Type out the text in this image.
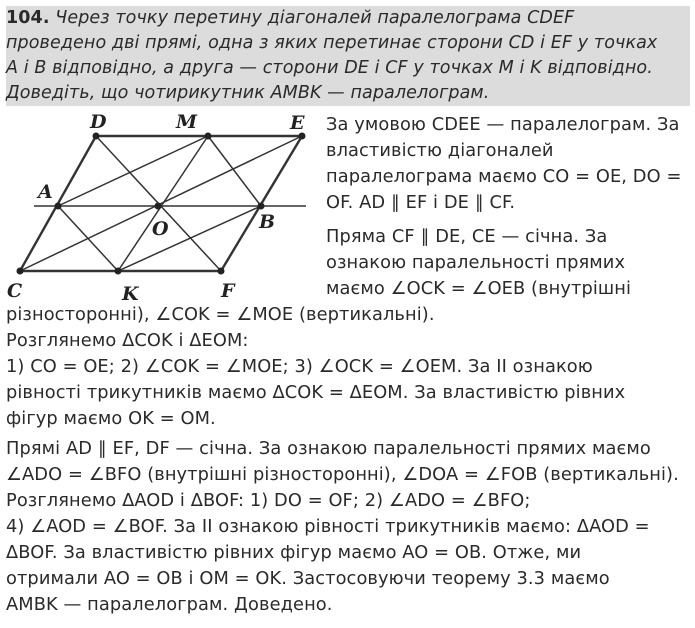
104. Через точку перетину діагоналей паралелограма CDEF
проведено дві прямі, одна з яких перетинає сторони CD і EF у точках
A і B відповідно, а друга — сторони DE і CF у точках M і K відповідно.
Доведіть, що чотирикутник AMBK — паралелограм.
D	M	E
A
O	B
C	K	F
За умовою CDEE — паралелограм. За
властивістю діагоналей
паралелограма маємо CO = OE, DO =
OF. AD ∥ EF і DE ∥ CF.
Пряма CF ∥ DE, CE — січна. За
ознакою паралельності прямих
маємо ∠OCK = ∠OEB (внутрішні
різносторонні), ∠COK = ∠MOE (вертикальні).
Розглянемо ΔCOK і ΔEOM:
1) CO = OE; 2) ∠COK = ∠MOE; 3) ∠OCK = ∠OEM. За II ознакою
рівності трикутників маємо ΔCOK = ΔEOM. За властивістю рівних
фігур маємо OK = OM.
Прямі AD ∥ EF, DF — січна. За ознакою паралельності прямих маємо
∠ADO = ∠BFO (внутрішні різносторонні), ∠DOA = ∠FOB (вертикальні).
Розглянемо ΔAOD і ΔBOF: 1) DO = OF; 2) ∠ADO = ∠BFO;
4) ∠AOD = ∠BOF. За II ознакою рівності трикутників маємо: ΔAOD =
ΔBOF. За властивістю рівних фігур маємо AO = OB. Отже, ми
отримали AO = OB і OM = OK. Застосовуючи теорему 3.3 маємо
AMBK — паралелограм. Доведено.
